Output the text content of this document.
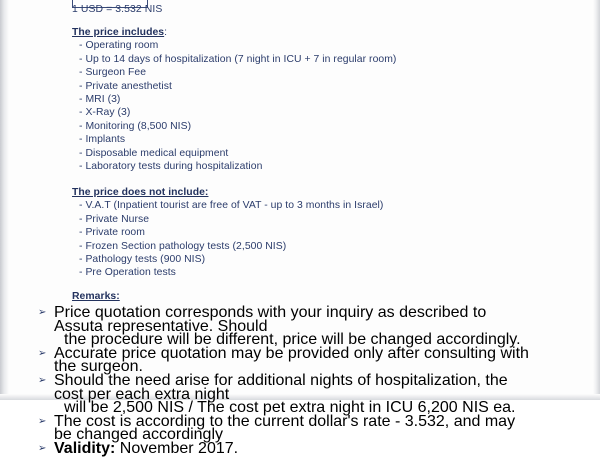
1 USD = 3.532 NIS
The price includes:
- Operating room
- Up to 14 days of hospitalization (7 night in ICU + 7 in regular room)
- Surgeon Fee
- Private anesthetist
- MRI (3)
- X-Ray (3)
- Monitoring (8,500 NIS)
- Implants
- Disposable medical equipment
- Laboratory tests during hospitalization
The price does not include:
- V.A.T (Inpatient tourist are free of VAT - up to 3 months in Israel)
- Private Nurse
- Private room
- Frozen Section pathology tests (2,500 NIS)
- Pathology tests (900 NIS)
- Pre Operation tests
Remarks:
➢ Price quotation corresponds with your inquiry as described to Assuta representative. Should
the procedure will be different, price will be changed accordingly.
➢ Accurate price quotation may be provided only after consulting with the surgeon.
➢ Should the need arise for additional nights of hospitalization, the cost per each extra night
will be 2,500 NIS / The cost pet extra night in ICU 6,200 NIS ea.
➢ The cost is according to the current dollar's rate - 3.532, and may be changed accordingly
➢ Validity: November 2017.
